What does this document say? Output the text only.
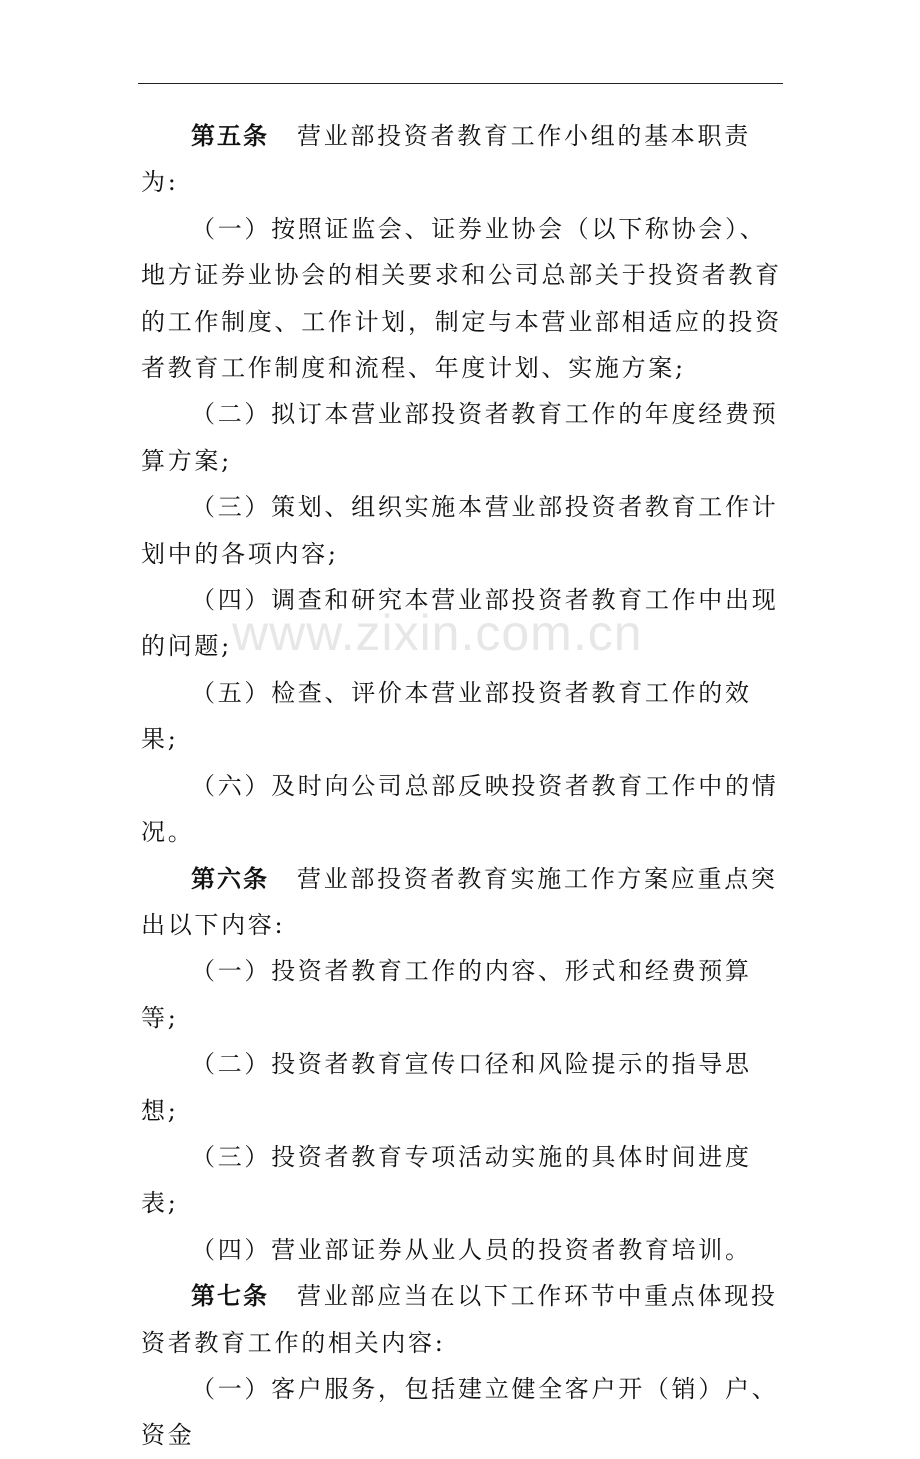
第五条 营业部投资者教育工作小组的基本职责为:

（一）按照证监会、证券业协会（以下称协会）、地方证券业协会的相关要求和公司总部关于投资者教育的工作制度、工作计划，制定与本营业部相适应的投资者教育工作制度和流程、年度计划、实施方案;

（二）拟订本营业部投资者教育工作的年度经费预算方案;

（三）策划、组织实施本营业部投资者教育工作计划中的各项内容;

（四）调查和研究本营业部投资者教育工作中出现的问题;

（五）检查、评价本营业部投资者教育工作的效果;

（六）及时向公司总部反映投资者教育工作中的情况。

第六条 营业部投资者教育实施工作方案应重点突出以下内容:

（一）投资者教育工作的内容、形式和经费预算等;

（二）投资者教育宣传口径和风险提示的指导思想;

（三）投资者教育专项活动实施的具体时间进度表;

（四）营业部证券从业人员的投资者教育培训。

第七条 营业部应当在以下工作环节中重点体现投资者教育工作的相关内容:

（一）客户服务，包括建立健全客户开（销）户、资金

www.zixin.com.cn
